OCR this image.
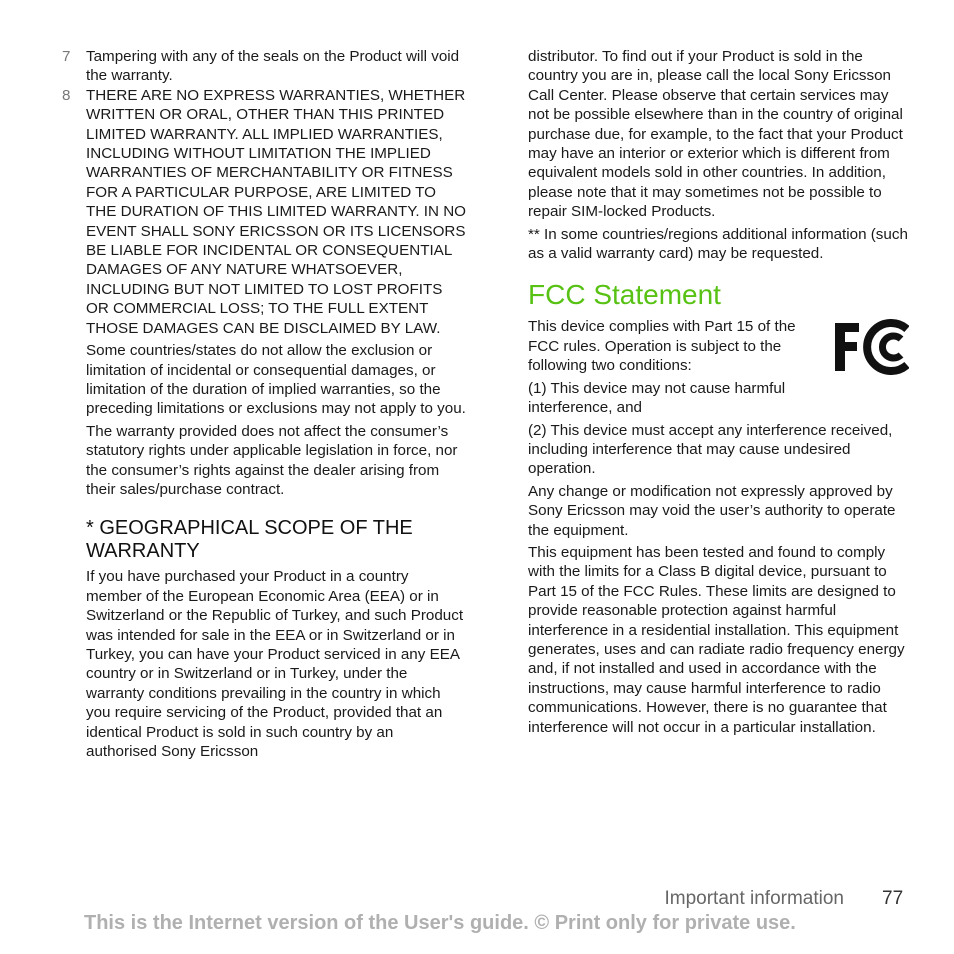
7	Tampering with any of the seals on the Product will void the warranty.
8	THERE ARE NO EXPRESS WARRANTIES, WHETHER WRITTEN OR ORAL, OTHER THAN THIS PRINTED LIMITED WARRANTY. ALL IMPLIED WARRANTIES, INCLUDING WITHOUT LIMITATION THE IMPLIED WARRANTIES OF MERCHANTABILITY OR FITNESS FOR A PARTICULAR PURPOSE, ARE LIMITED TO THE DURATION OF THIS LIMITED WARRANTY. IN NO EVENT SHALL SONY ERICSSON OR ITS LICENSORS BE LIABLE FOR INCIDENTAL OR CONSEQUENTIAL DAMAGES OF ANY NATURE WHATSOEVER, INCLUDING BUT NOT LIMITED TO LOST PROFITS OR COMMERCIAL LOSS; TO THE FULL EXTENT THOSE DAMAGES CAN BE DISCLAIMED BY LAW.

Some countries/states do not allow the exclusion or limitation of incidental or consequential damages, or limitation of the duration of implied warranties, so the preceding limitations or exclusions may not apply to you.

The warranty provided does not affect the consumer’s statutory rights under applicable legislation in force, nor the consumer’s rights against the dealer arising from their sales/purchase contract.

* GEOGRAPHICAL SCOPE OF THE WARRANTY

If you have purchased your Product in a country member of the European Economic Area (EEA) or in Switzerland or the Republic of Turkey, and such Product was intended for sale in the EEA or in Switzerland or in Turkey, you can have your Product serviced in any EEA country or in Switzerland or in Turkey, under the warranty conditions prevailing in the country in which you require servicing of the Product, provided that an identical Product is sold in such country by an authorised Sony Ericsson

distributor. To find out if your Product is sold in the country you are in, please call the local Sony Ericsson Call Center. Please observe that certain services may not be possible elsewhere than in the country of original purchase due, for example, to the fact that your Product may have an interior or exterior which is different from equivalent models sold in other countries. In addition, please note that it may sometimes not be possible to repair SIM-locked Products.

** In some countries/regions additional information (such as a valid warranty card) may be requested.

FCC Statement

This device complies with Part 15 of the FCC rules. Operation is subject to the following two conditions:

(1) This device may not cause harmful interference, and

(2) This device must accept any interference received, including interference that may cause undesired operation.

Any change or modification not expressly approved by Sony Ericsson may void the user’s authority to operate the equipment.

This equipment has been tested and found to comply with the limits for a Class B digital device, pursuant to Part 15 of the FCC Rules. These limits are designed to provide reasonable protection against harmful interference in a residential installation. This equipment generates, uses and can radiate radio frequency energy and, if not installed and used in accordance with the instructions, may cause harmful interference to radio communications. However, there is no guarantee that interference will not occur in a particular installation.

Important information 77
This is the Internet version of the User's guide. © Print only for private use.
